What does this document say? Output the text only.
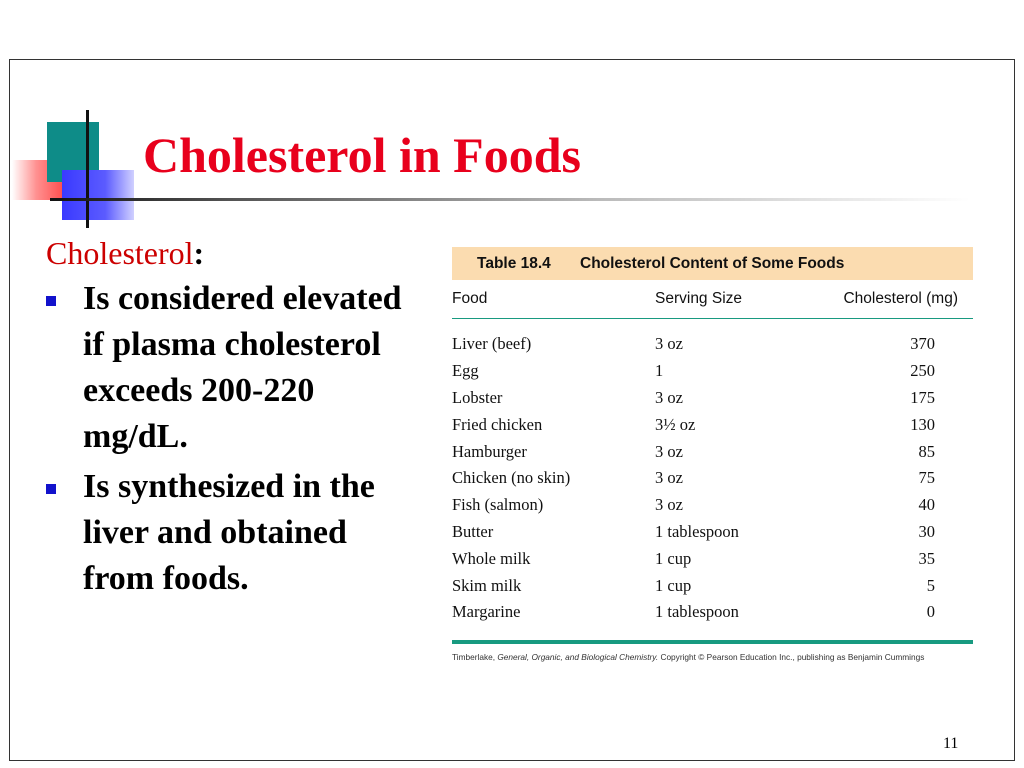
Cholesterol in Foods
Cholesterol:
Is considered elevated if plasma cholesterol exceeds 200-220 mg/dL.
Is synthesized in the liver and obtained from foods.
Table 18.4	Cholesterol Content of Some Foods
Food	Serving Size	Cholesterol (mg)
Liver (beef)	3 oz	370
Egg	1	250
Lobster	3 oz	175
Fried chicken	3½ oz	130
Hamburger	3 oz	85
Chicken (no skin)	3 oz	75
Fish (salmon)	3 oz	40
Butter	1 tablespoon	30
Whole milk	1 cup	35
Skim milk	1 cup	5
Margarine	1 tablespoon	0
Timberlake, General, Organic, and Biological Chemistry. Copyright © Pearson Education Inc., publishing as Benjamin Cummings
11
